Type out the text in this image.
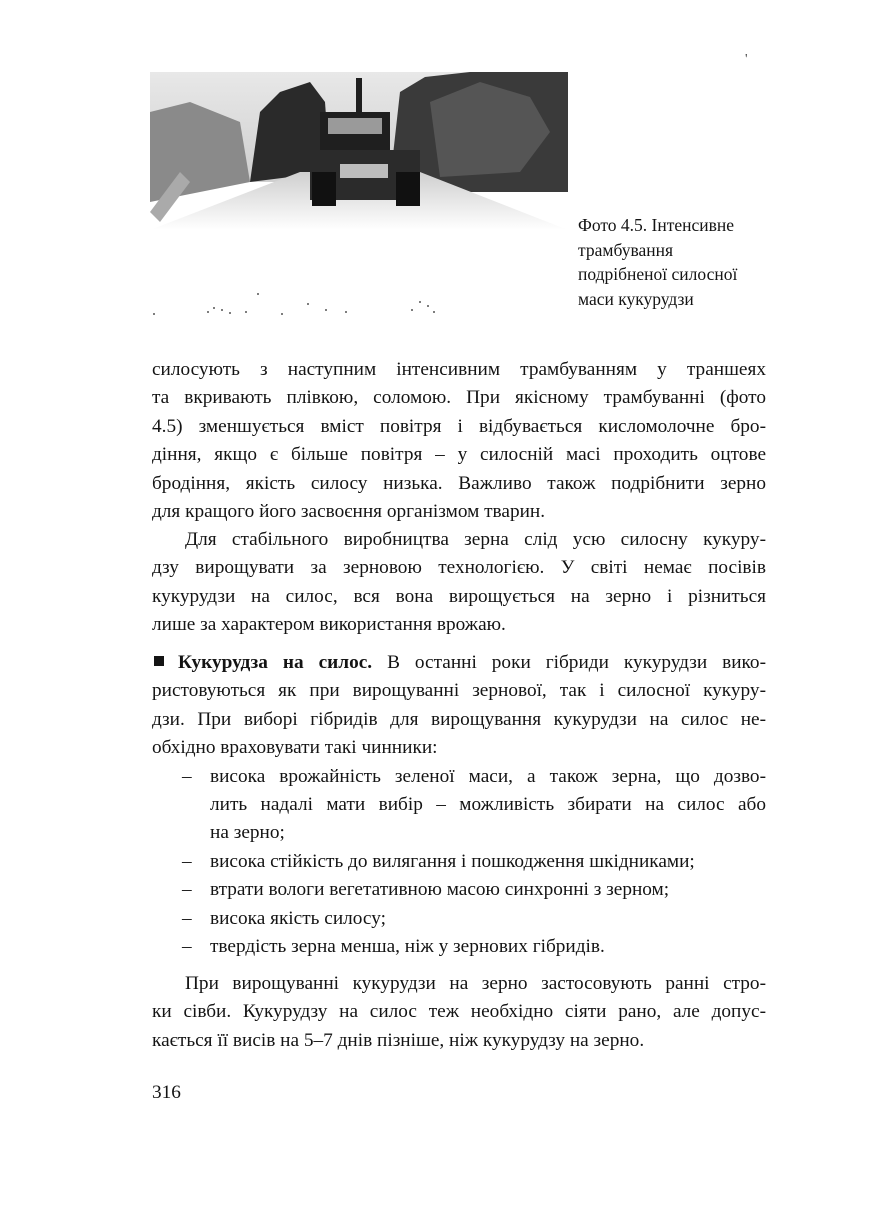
'
Фото 4.5. Інтенсивне
трамбування
подрібненої силосної
маси кукурудзи
силосують з наступним інтенсивним трамбуванням у траншеях
та вкривають плівкою, соломою. При якісному трамбуванні (фото
4.5) зменшується вміст повітря і відбувається кисломолочне бро-
діння, якщо є більше повітря – у силосній масі проходить оцтове
бродіння, якість силосу низька. Важливо також подрібнити зерно
для кращого його засвоєння організмом тварин.
Для стабільного виробництва зерна слід усю силосну кукуру-
дзу вирощувати за зерновою технологією. У світі немає посівів
кукурудзи на силос, вся вона вирощується на зерно і різниться
лише за характером використання врожаю.
Кукурудза на силос. В останні роки гібриди кукурудзи вико-
ристовуються як при вирощуванні зернової, так і силосної кукуру-
дзи. При виборі гібридів для вирощування кукурудзи на силос не-
обхідно враховувати такі чинники:
– висока врожайність зеленої маси, а також зерна, що дозво-
лить надалі мати вибір – можливість збирати на силос або
на зерно;
– висока стійкість до вилягання і пошкодження шкідниками;
– втрати вологи вегетативною масою синхронні з зерном;
– висока якість силосу;
– твердість зерна менша, ніж у зернових гібридів.
При вирощуванні кукурудзи на зерно застосовують ранні стро-
ки сівби. Кукурудзу на силос теж необхідно сіяти рано, але допус-
кається її висів на 5–7 днів пізніше, ніж кукурудзу на зерно.
316
